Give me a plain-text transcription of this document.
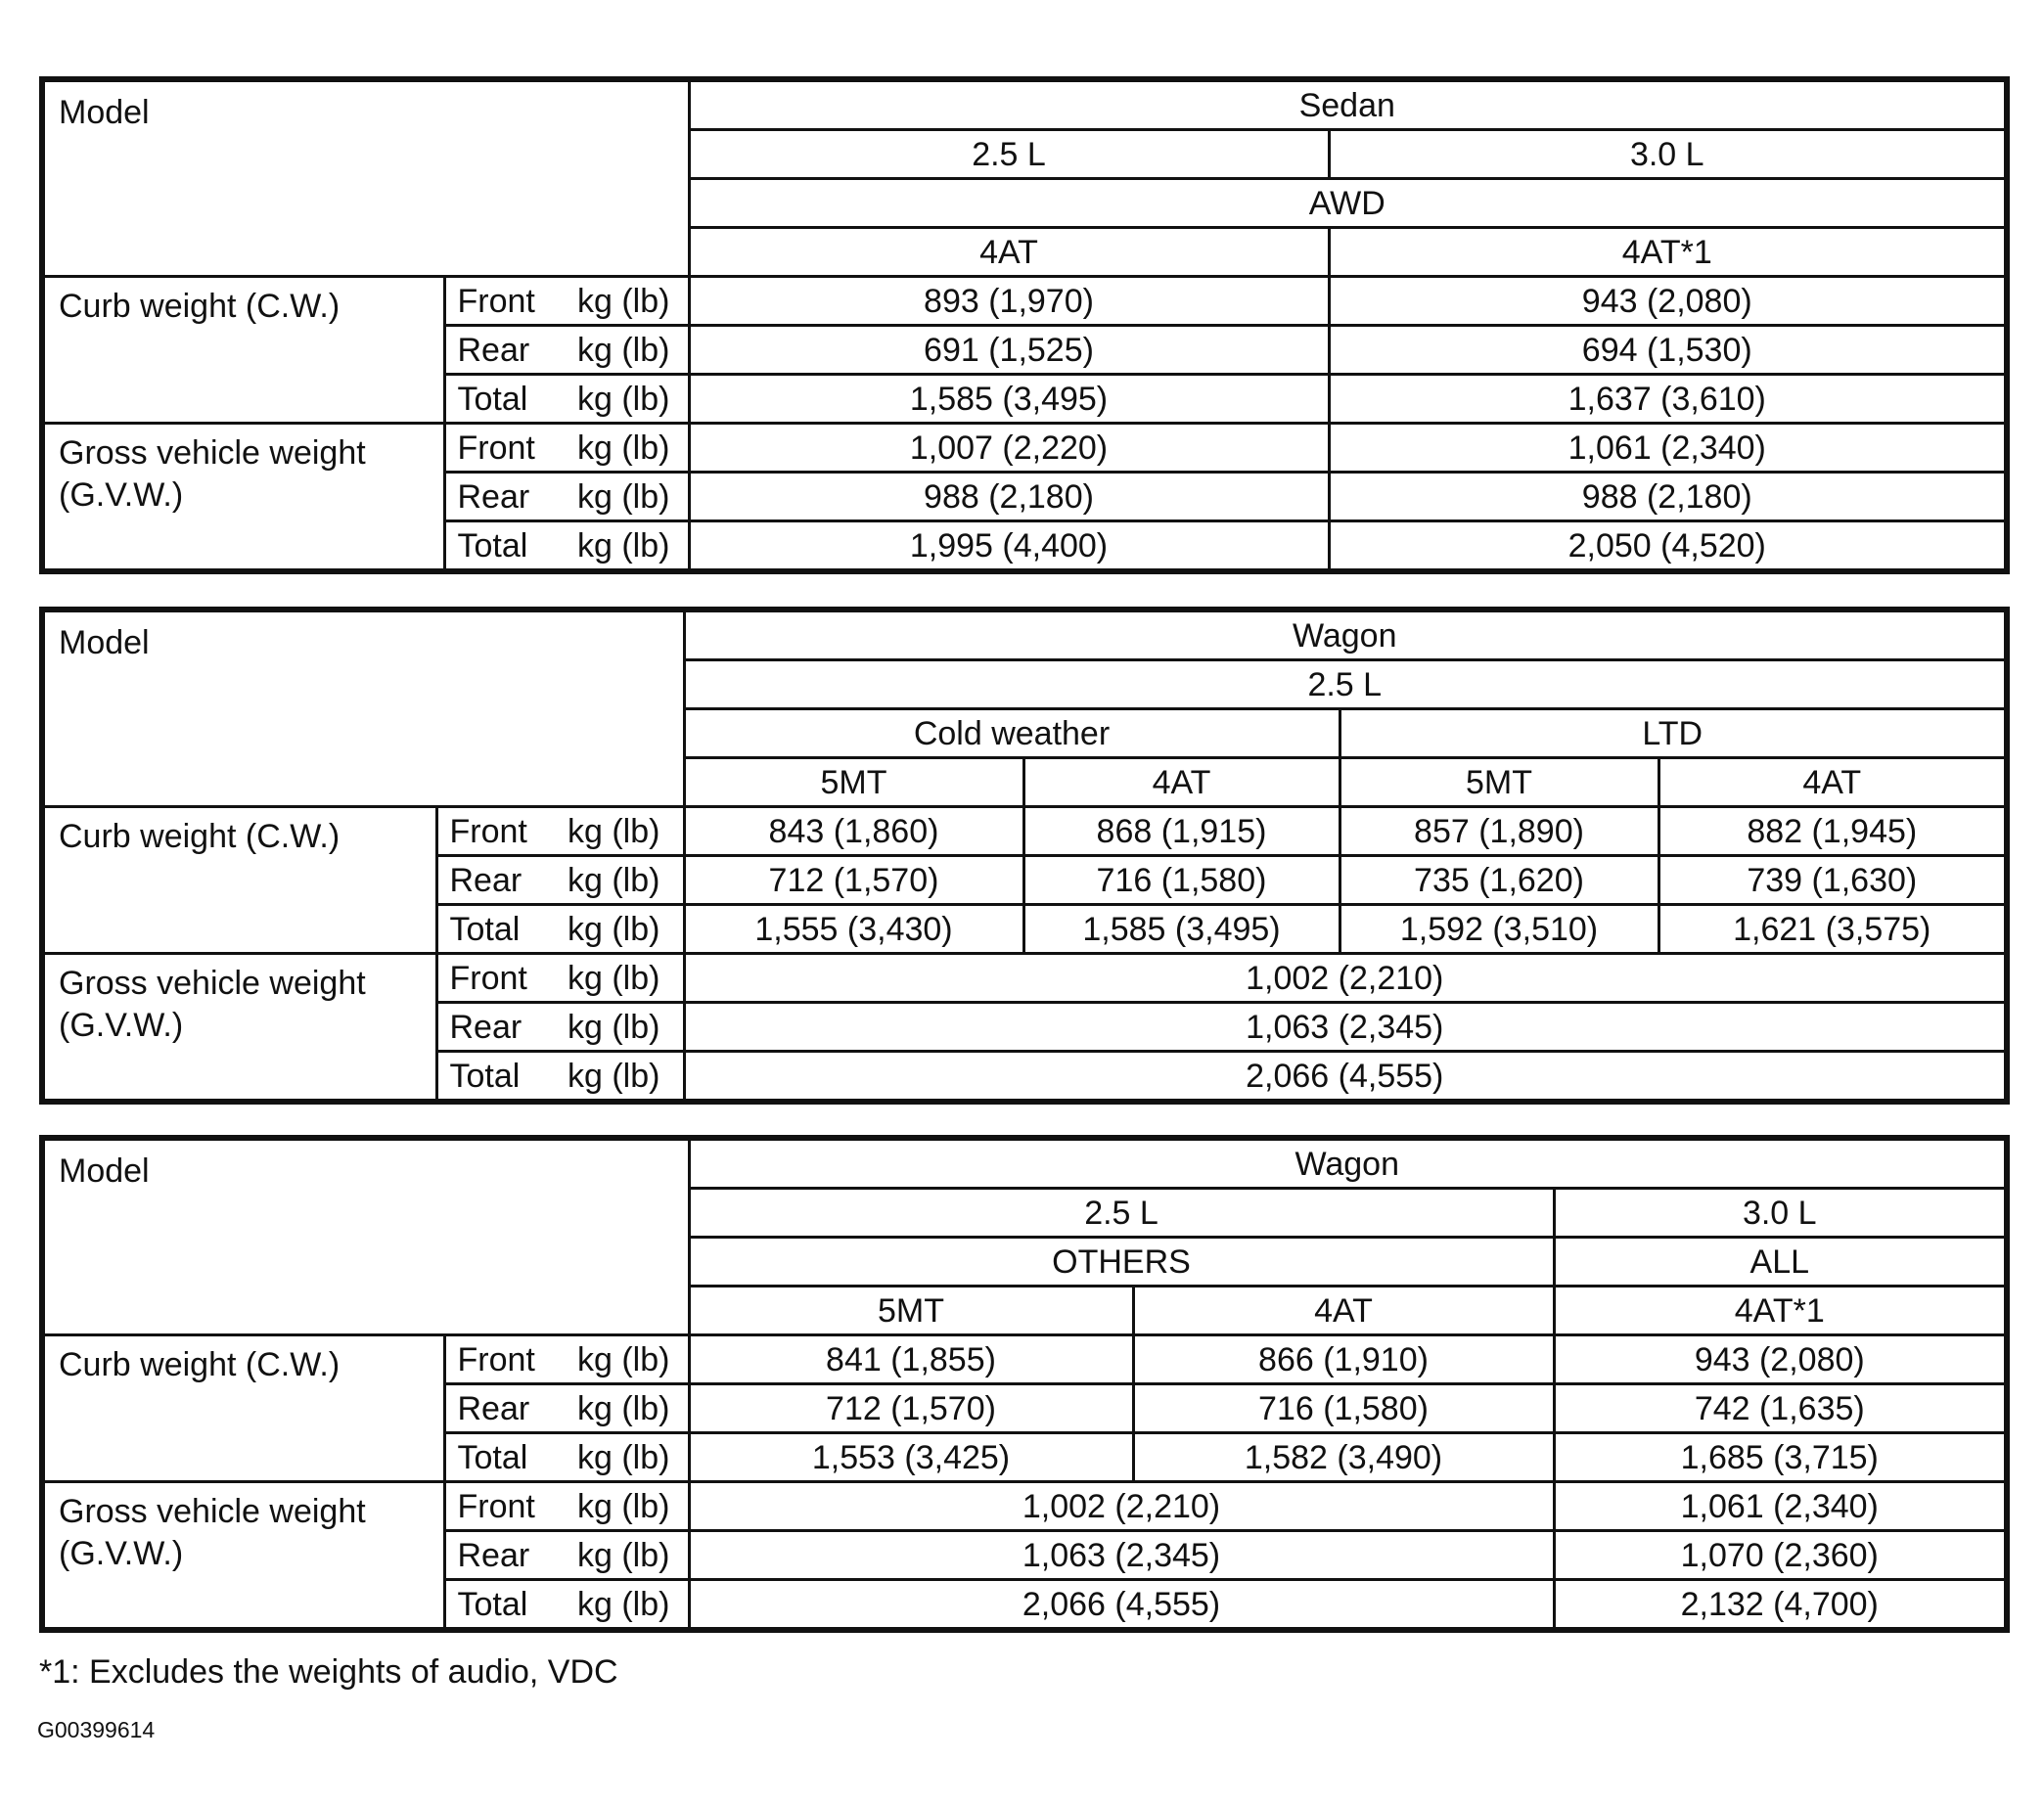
Model			Sedan	
			2.5 L	3.0 L
			AWD	
			4AT	4AT*1
Curb weight (C.W.)	Front	kg (lb)	893 (1,970)	943 (2,080)
	Rear	kg (lb)	691 (1,525)	694 (1,530)
	Total	kg (lb)	1,585 (3,495)	1,637 (3,610)
Gross vehicle weight (G.V.W.)	Front	kg (lb)	1,007 (2,220)	1,061 (2,340)
	Rear	kg (lb)	988 (2,180)	988 (2,180)
	Total	kg (lb)	1,995 (4,400)	2,050 (4,520)
Model			Wagon			
			2.5 L			
			Cold weather		LTD	
			5MT	4AT	5MT	4AT
Curb weight (C.W.)	Front	kg (lb)	843 (1,860)	868 (1,915)	857 (1,890)	882 (1,945)
	Rear	kg (lb)	712 (1,570)	716 (1,580)	735 (1,620)	739 (1,630)
	Total	kg (lb)	1,555 (3,430)	1,585 (3,495)	1,592 (3,510)	1,621 (3,575)
Gross vehicle weight (G.V.W.)	Front	kg (lb)	1,002 (2,210)			
	Rear	kg (lb)	1,063 (2,345)			
	Total	kg (lb)	2,066 (4,555)			
Model			Wagon		
			2.5 L		3.0 L
			OTHERS		ALL
			5MT	4AT	4AT*1
Curb weight (C.W.)	Front	kg (lb)	841 (1,855)	866 (1,910)	943 (2,080)
	Rear	kg (lb)	712 (1,570)	716 (1,580)	742 (1,635)
	Total	kg (lb)	1,553 (3,425)	1,582 (3,490)	1,685 (3,715)
Gross vehicle weight (G.V.W.)	Front	kg (lb)	1,002 (2,210)		1,061 (2,340)
	Rear	kg (lb)	1,063 (2,345)		1,070 (2,360)
	Total	kg (lb)	2,066 (4,555)		2,132 (4,700)
*1: Excludes the weights of audio, VDC
G00399614
